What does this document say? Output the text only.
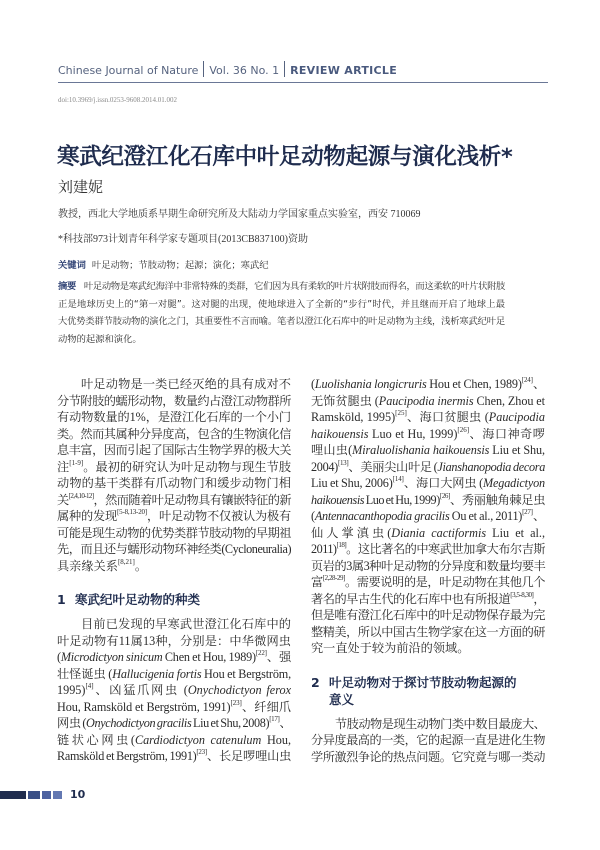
Chinese Journal of Nature Vol. 36 No. 1 REVIEW ARTICLE
doi:10.3969/j.issn.0253-9608.2014.01.002
寒武纪澄江化石库中叶足动物起源与演化浅析*
刘建妮
教授，西北大学地质系早期生命研究所及大陆动力学国家重点实验室，西安 710069
*科技部973计划青年科学家专题项目(2013CB837100)资助
关键词 叶足动物；节肢动物；起源；演化；寒武纪
摘要 叶足动物是寒武纪海洋中非常特殊的类群，它们因为具有柔软的叶片状附肢而得名，而这柔软的叶片状附肢
正是地球历史上的“第一对腿”。这对腿的出现，使地球进入了全新的“步行”时代，并且继而开启了地球上最
大优势类群节肢动物的演化之门，其重要性不言而喻。笔者以澄江化石库中的叶足动物为主线，浅析寒武纪叶足
动物的起源和演化。
叶足动物是一类已经灭绝的具有成对不
分节附肢的蠕形动物，数量约占澄江动物群所
有动物数量的1%，是澄江化石库的一个小门
类。然而其属种分异度高，包含的生物演化信
息丰富，因而引起了国际古生物学界的极大关
注[1-9]。最初的研究认为叶足动物与现生节肢
动物的基干类群有爪动物门和缓步动物门相
关[2,4,10-12]，然而随着叶足动物具有镶嵌特征的新
属种的发现[5-8,13-20]，叶足动物不仅被认为极有
可能是现生动物的优势类群节肢动物的早期祖
先，而且还与蠕形动物环神经类(Cycloneuralia)
具亲缘关系[8,21]。
1 寒武纪叶足动物的种类
目前已发现的早寒武世澄江化石库中的
叶足动物有11属13种，分别是：中华微网虫
(Microdictyon sinicum Chen et Hou, 1989)[22]、强
壮怪诞虫 (Hallucigenia fortis Hou et Bergström,
1995)[4]、凶猛爪网虫 (Onychodictyon ferox
Hou, Ramsköld et Bergström, 1991)[23]、纤细爪
网虫 (Onychodictyon gracilis Liu et Shu, 2008)[17]、
链状心网虫(Cardiodictyon catenulum Hou,
Ramsköld et Bergström, 1991)[23]、长足啰哩山虫
(Luolishania longicruris Hou et Chen, 1989)[24]、
无饰贫腿虫 (Paucipodia inermis Chen, Zhou et
Ramsköld, 1995)[25]、海口贫腿虫 (Paucipodia
haikouensis Luo et Hu, 1999)[26]、海口神奇啰
哩山虫(Miraluolishania haikouensis Liu et Shu,
2004)[13]、美丽尖山叶足 (Jianshanopodia decora
Liu et Shu, 2006)[14]、海口大网虫 (Megadictyon
haikouensis Luo et Hu, 1999)[26]、秀丽触角棘足虫
(Antennacanthopodia gracilis Ou et al., 2011)[27]、
仙人掌滇虫(Diania cactiformis Liu et al.,
2011)[18]。这比著名的中寒武世加拿大布尔吉斯
页岩的3属3种叶足动物的分异度和数量均要丰
富[2,28-29]。需要说明的是，叶足动物在其他几个
著名的早古生代的化石库中也有所报道[3,5-8,30]，
但是唯有澄江化石库中的叶足动物保存最为完
整精美，所以中国古生物学家在这一方面的研
究一直处于较为前沿的领域。
2 叶足动物对于探讨节肢动物起源的
意义
节肢动物是现生动物门类中数目最庞大、
分异度最高的一类，它的起源一直是进化生物
学所激烈争论的热点问题。它究竟与哪一类动
10
